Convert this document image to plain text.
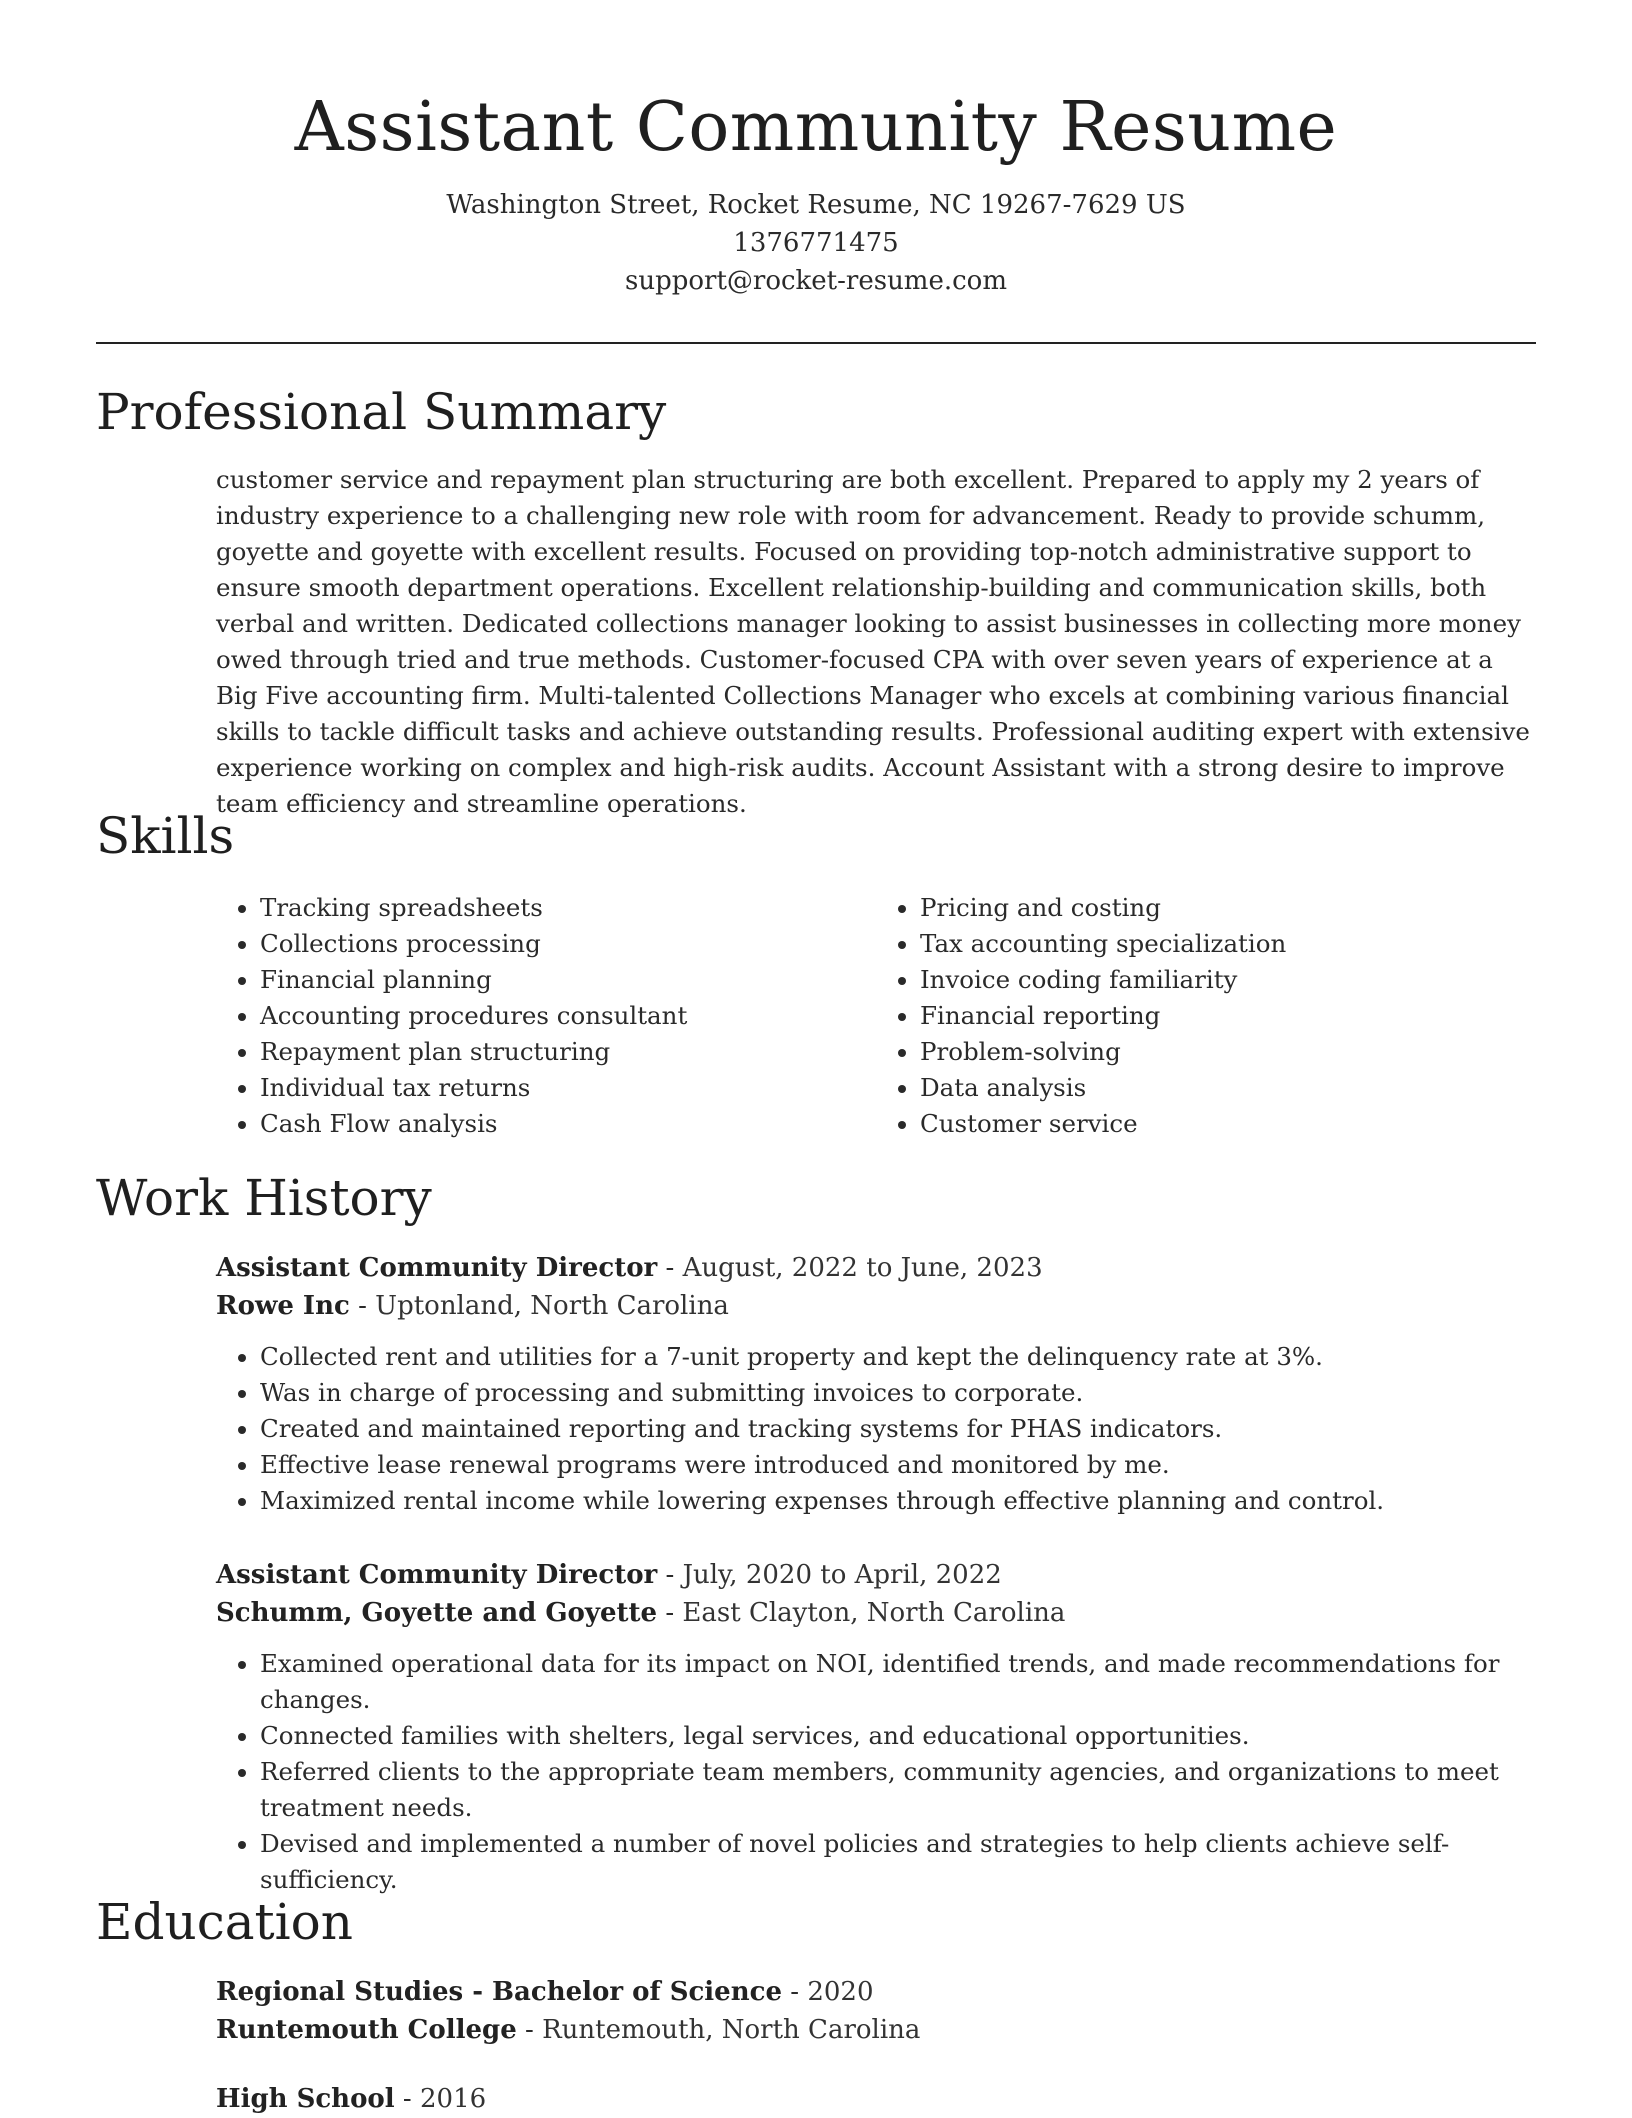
Assistant Community Resume
Washington Street, Rocket Resume, NC 19267-7629 US
1376771475
support@rocket-resume.com
Professional Summary
customer service and repayment plan structuring are both excellent. Prepared to apply my 2 years of industry experience to a challenging new role with room for advancement. Ready to provide schumm, goyette and goyette with excellent results. Focused on providing top-notch administrative support to ensure smooth department operations. Excellent relationship-building and communication skills, both verbal and written. Dedicated collections manager looking to assist businesses in collecting more money owed through tried and true methods. Customer-focused CPA with over seven years of experience at a Big Five accounting firm. Multi-talented Collections Manager who excels at combining various financial skills to tackle difficult tasks and achieve outstanding results. Professional auditing expert with extensive experience working on complex and high-risk audits. Account Assistant with a strong desire to improve team efficiency and streamline operations.
Skills
• Tracking spreadsheets
• Collections processing
• Financial planning
• Accounting procedures consultant
• Repayment plan structuring
• Individual tax returns
• Cash Flow analysis
• Pricing and costing
• Tax accounting specialization
• Invoice coding familiarity
• Financial reporting
• Problem-solving
• Data analysis
• Customer service
Work History
Assistant Community Director - August, 2022 to June, 2023
Rowe Inc - Uptonland, North Carolina
• Collected rent and utilities for a 7-unit property and kept the delinquency rate at 3%.
• Was in charge of processing and submitting invoices to corporate.
• Created and maintained reporting and tracking systems for PHAS indicators.
• Effective lease renewal programs were introduced and monitored by me.
• Maximized rental income while lowering expenses through effective planning and control.
Assistant Community Director - July, 2020 to April, 2022
Schumm, Goyette and Goyette - East Clayton, North Carolina
• Examined operational data for its impact on NOI, identified trends, and made recommendations for changes.
• Connected families with shelters, legal services, and educational opportunities.
• Referred clients to the appropriate team members, community agencies, and organizations to meet treatment needs.
• Devised and implemented a number of novel policies and strategies to help clients achieve self-sufficiency.
Education
Regional Studies - Bachelor of Science - 2020
Runtemouth College - Runtemouth, North Carolina
High School - 2016
